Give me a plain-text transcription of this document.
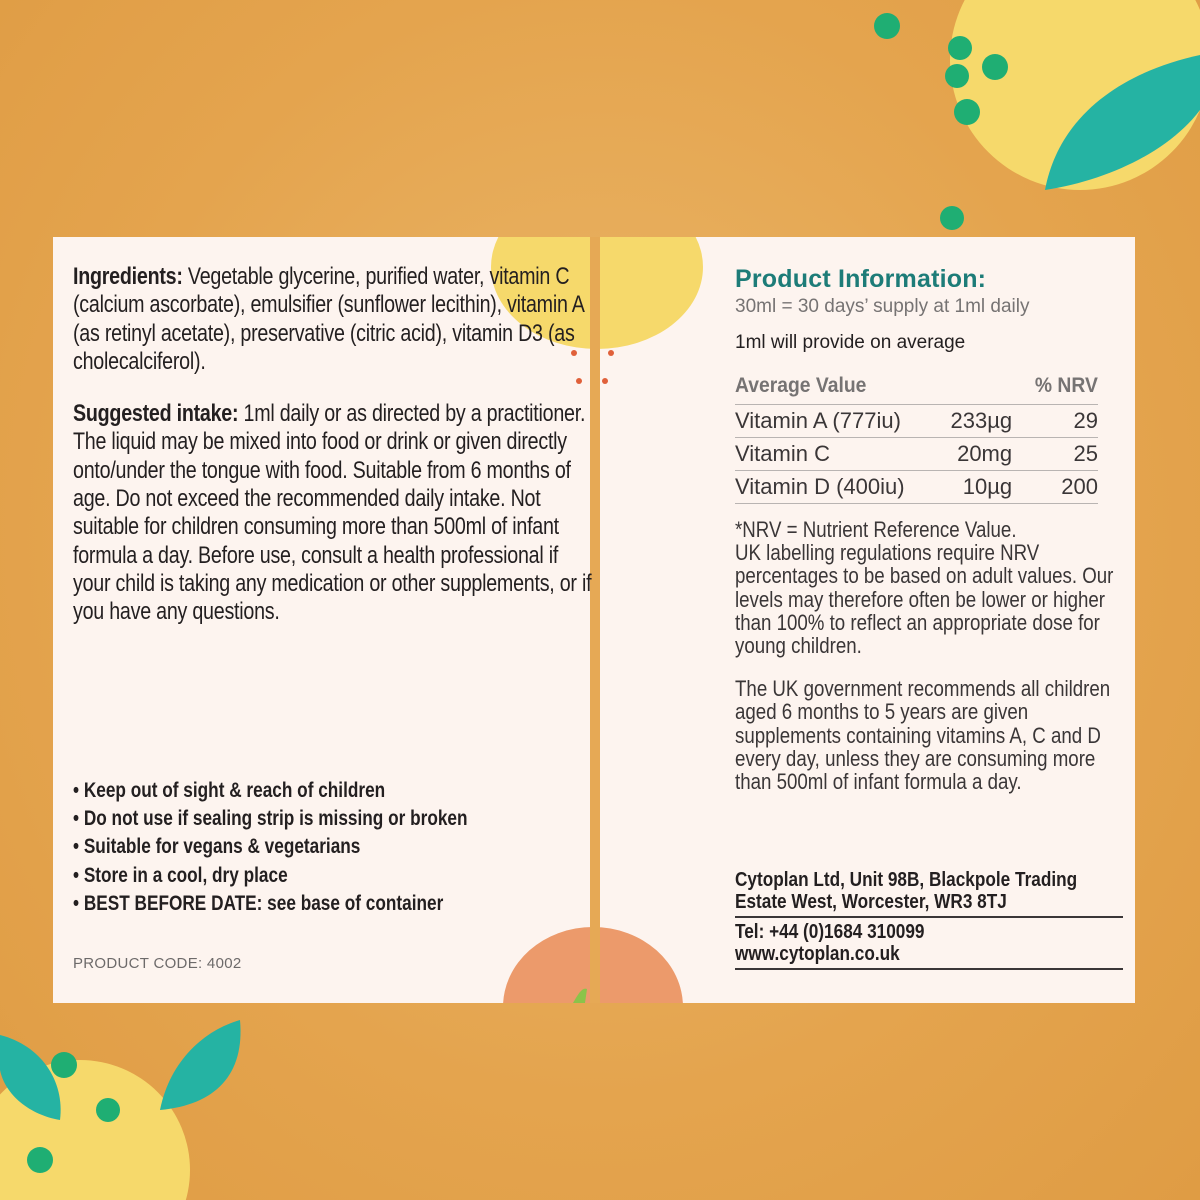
Ingredients: Vegetable glycerine, purified water, vitamin C (calcium ascorbate), emulsifier (sunflower lecithin), vitamin A (as retinyl acetate), preservative (citric acid), vitamin D3 (as cholecalciferol).
Suggested intake: 1ml daily or as directed by a practitioner. The liquid may be mixed into food or drink or given directly onto/under the tongue with food. Suitable from 6 months of age. Do not exceed the recommended daily intake. Not suitable for children consuming more than 500ml of infant formula a day. Before use, consult a health professional if your child is taking any medication or other supplements, or if you have any questions.
• Keep out of sight & reach of children
• Do not use if sealing strip is missing or broken
• Suitable for vegans & vegetarians
• Store in a cool, dry place
• BEST BEFORE DATE: see base of container
PRODUCT CODE: 4002
Product Information:
30ml = 30 days’ supply at 1ml daily
1ml will provide on average
Average Value		% NRV
Vitamin A (777iu)	233µg	29
Vitamin C	20mg	25
Vitamin D (400iu)	10µg	200
*NRV = Nutrient Reference Value.
UK labelling regulations require NRV percentages to be based on adult values. Our levels may therefore often be lower or higher than 100% to reflect an appropriate dose for young children.
The UK government recommends all children aged 6 months to 5 years are given supplements containing vitamins A, C and D every day, unless they are consuming more than 500ml of infant formula a day.
Cytoplan Ltd, Unit 98B, Blackpole Trading
Estate West, Worcester, WR3 8TJ
Tel: +44 (0)1684 310099
www.cytoplan.co.uk
